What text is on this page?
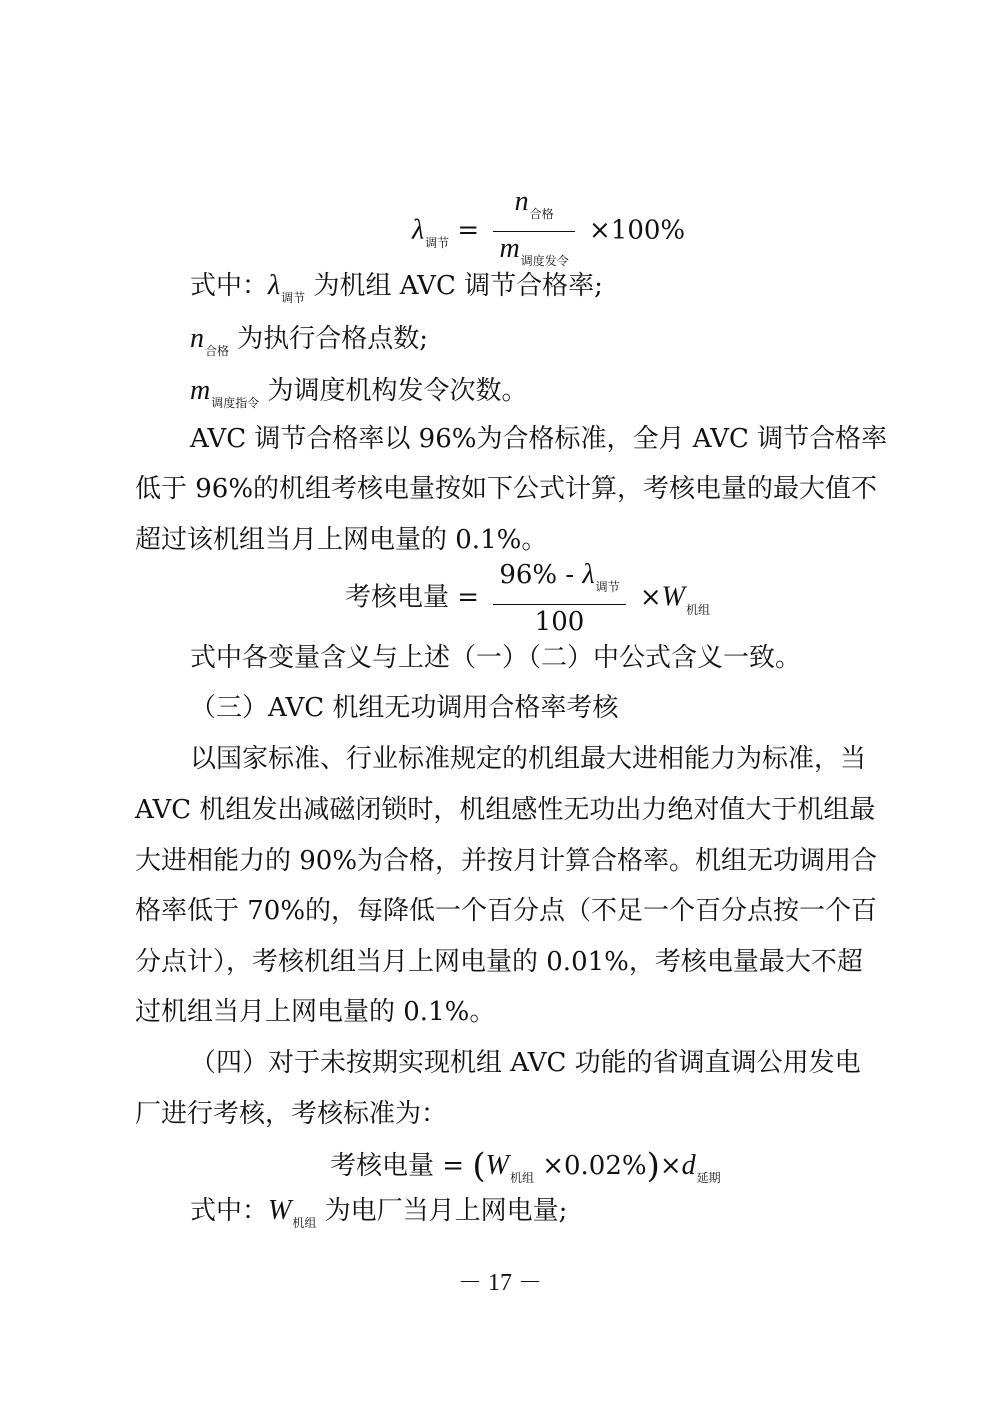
$\lambda_{调节} = \frac{n_{合格}}{m_{调度发令}} \times 100\%$
式中：$\lambda_{调节}$ 为机组 AVC 调节合格率;
$n_{合格}$ 为执行合格点数;
$m_{调度指令}$ 为调度机构发令次数。
AVC 调节合格率以 96%为合格标准，全月 AVC 调节合格率
低于 96%的机组考核电量按如下公式计算，考核电量的最大值不
超过该机组当月上网电量的 0.1%。
考核电量 = $\frac{96\% - \lambda_{调节}}{100} \times W_{机组}$
式中各变量含义与上述（一）（二）中公式含义一致。
（三）AVC 机组无功调用合格率考核
以国家标准、行业标准规定的机组最大进相能力为标准，当
AVC 机组发出减磁闭锁时，机组感性无功出力绝对值大于机组最
大进相能力的 90%为合格，并按月计算合格率。机组无功调用合
格率低于 70%的，每降低一个百分点（不足一个百分点按一个百
分点计），考核机组当月上网电量的 0.01%，考核电量最大不超
过机组当月上网电量的 0.1%。
（四）对于未按期实现机组 AVC 功能的省调直调公用发电
厂进行考核，考核标准为：
考核电量 = $(W_{机组} \times 0.02\%)\times d_{延期}$
式中：$W_{机组}$ 为电厂当月上网电量;
－ 17 －
